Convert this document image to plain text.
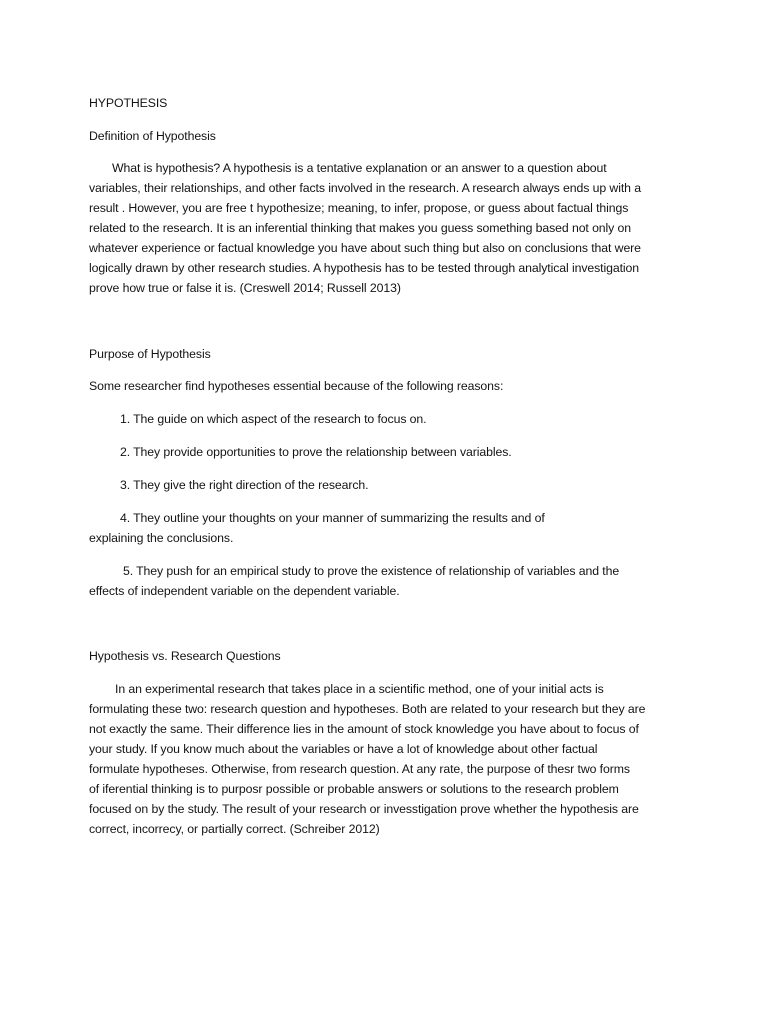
HYPOTHESIS
Definition of Hypothesis
What is hypothesis? A hypothesis is a tentative explanation or an answer to a question about
variables, their relationships, and other facts involved in the research. A research always ends up with a
result . However, you are free t hypothesize; meaning, to infer, propose, or guess about factual things
related to the research. It is an inferential thinking that makes you guess something based not only on
whatever experience or factual knowledge you have about such thing but also on conclusions that were
logically drawn by other research studies. A hypothesis has to be tested through analytical investigation
prove how true or false it is. (Creswell 2014; Russell 2013)
Purpose of Hypothesis
Some researcher find hypotheses essential because of the following reasons:
1. The guide on which aspect of the research to focus on.
2. They provide opportunities to prove the relationship between variables.
3. They give the right direction of the research.
4. They outline your thoughts on your manner of summarizing the results and of
explaining the conclusions.
5. They push for an empirical study to prove the existence of relationship of variables and the
effects of independent variable on the dependent variable.
Hypothesis vs. Research Questions
In an experimental research that takes place in a scientific method, one of your initial acts is
formulating these two: research question and hypotheses. Both are related to your research but they are
not exactly the same. Their difference lies in the amount of stock knowledge you have about to focus of
your study. If you know much about the variables or have a lot of knowledge about other factual
formulate hypotheses. Otherwise, from research question. At any rate, the purpose of thesr two forms
of iferential thinking is to purposr possible or probable answers or solutions to the research problem
focused on by the study. The result of your research or invesstigation prove whether the hypothesis are
correct, incorrecy, or partially correct. (Schreiber 2012)
